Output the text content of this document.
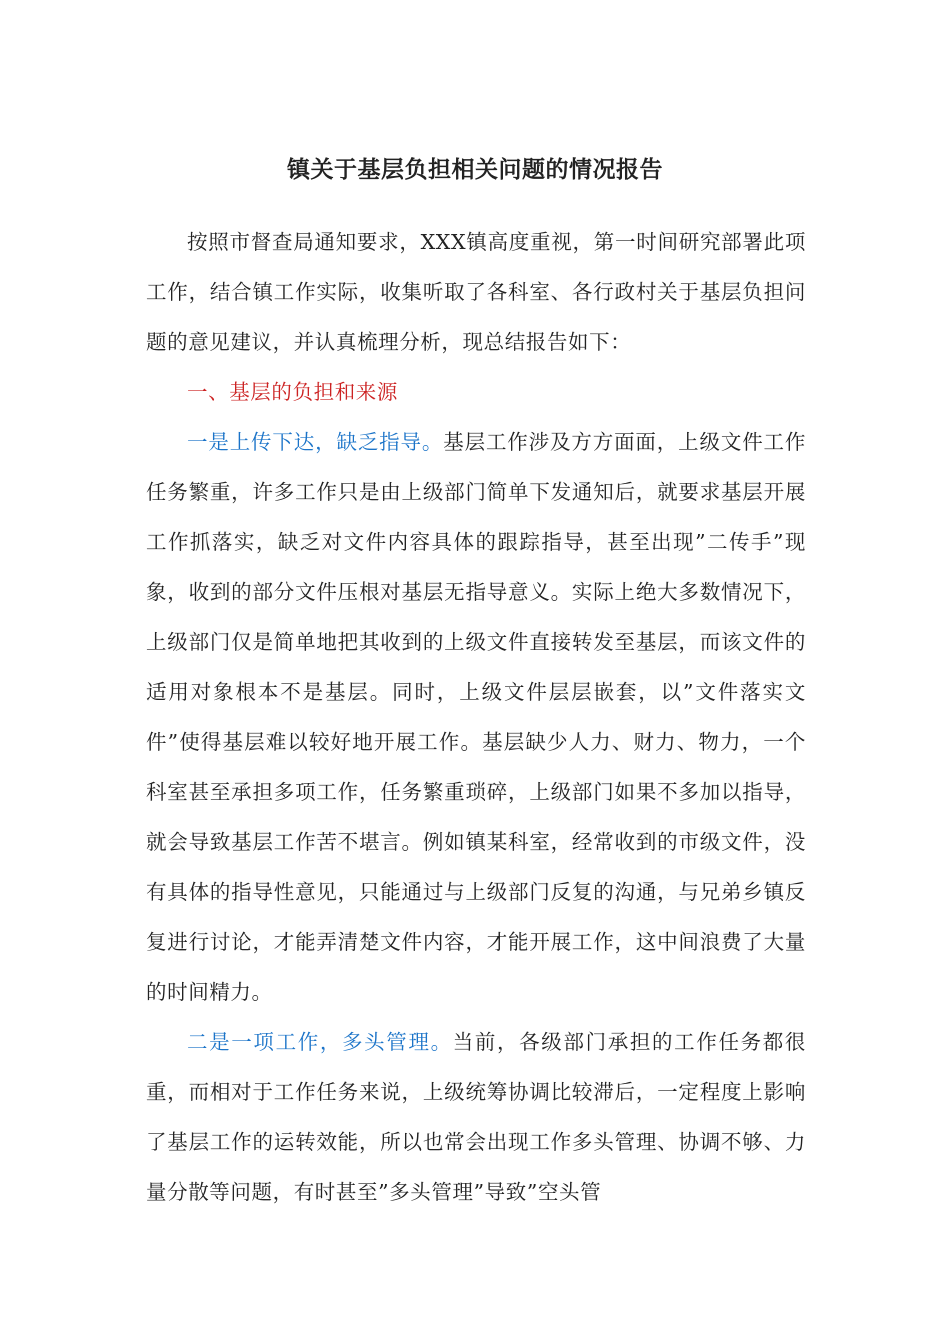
镇关于基层负担相关问题的情况报告

按照市督查局通知要求，XXX镇高度重视，第一时间研究部署此项工作，结合镇工作实际，收集听取了各科室、各行政村关于基层负担问题的意见建议，并认真梳理分析，现总结报告如下：

一、基层的负担和来源

一是上传下达，缺乏指导。基层工作涉及方方面面，上级文件工作任务繁重，许多工作只是由上级部门简单下发通知后，就要求基层开展工作抓落实，缺乏对文件内容具体的跟踪指导，甚至出现”二传手”现象，收到的部分文件压根对基层无指导意义。实际上绝大多数情况下，上级部门仅是简单地把其收到的上级文件直接转发至基层，而该文件的适用对象根本不是基层。同时，上级文件层层嵌套，以”文件落实文件”使得基层难以较好地开展工作。基层缺少人力、财力、物力，一个科室甚至承担多项工作，任务繁重琐碎，上级部门如果不多加以指导，就会导致基层工作苦不堪言。例如镇某科室，经常收到的市级文件，没有具体的指导性意见，只能通过与上级部门反复的沟通，与兄弟乡镇反复进行讨论，才能弄清楚文件内容，才能开展工作，这中间浪费了大量的时间精力。

二是一项工作，多头管理。当前，各级部门承担的工作任务都很重，而相对于工作任务来说，上级统筹协调比较滞后，一定程度上影响了基层工作的运转效能，所以也常会出现工作多头管理、协调不够、力量分散等问题，有时甚至”多头管理”导致”空头管
